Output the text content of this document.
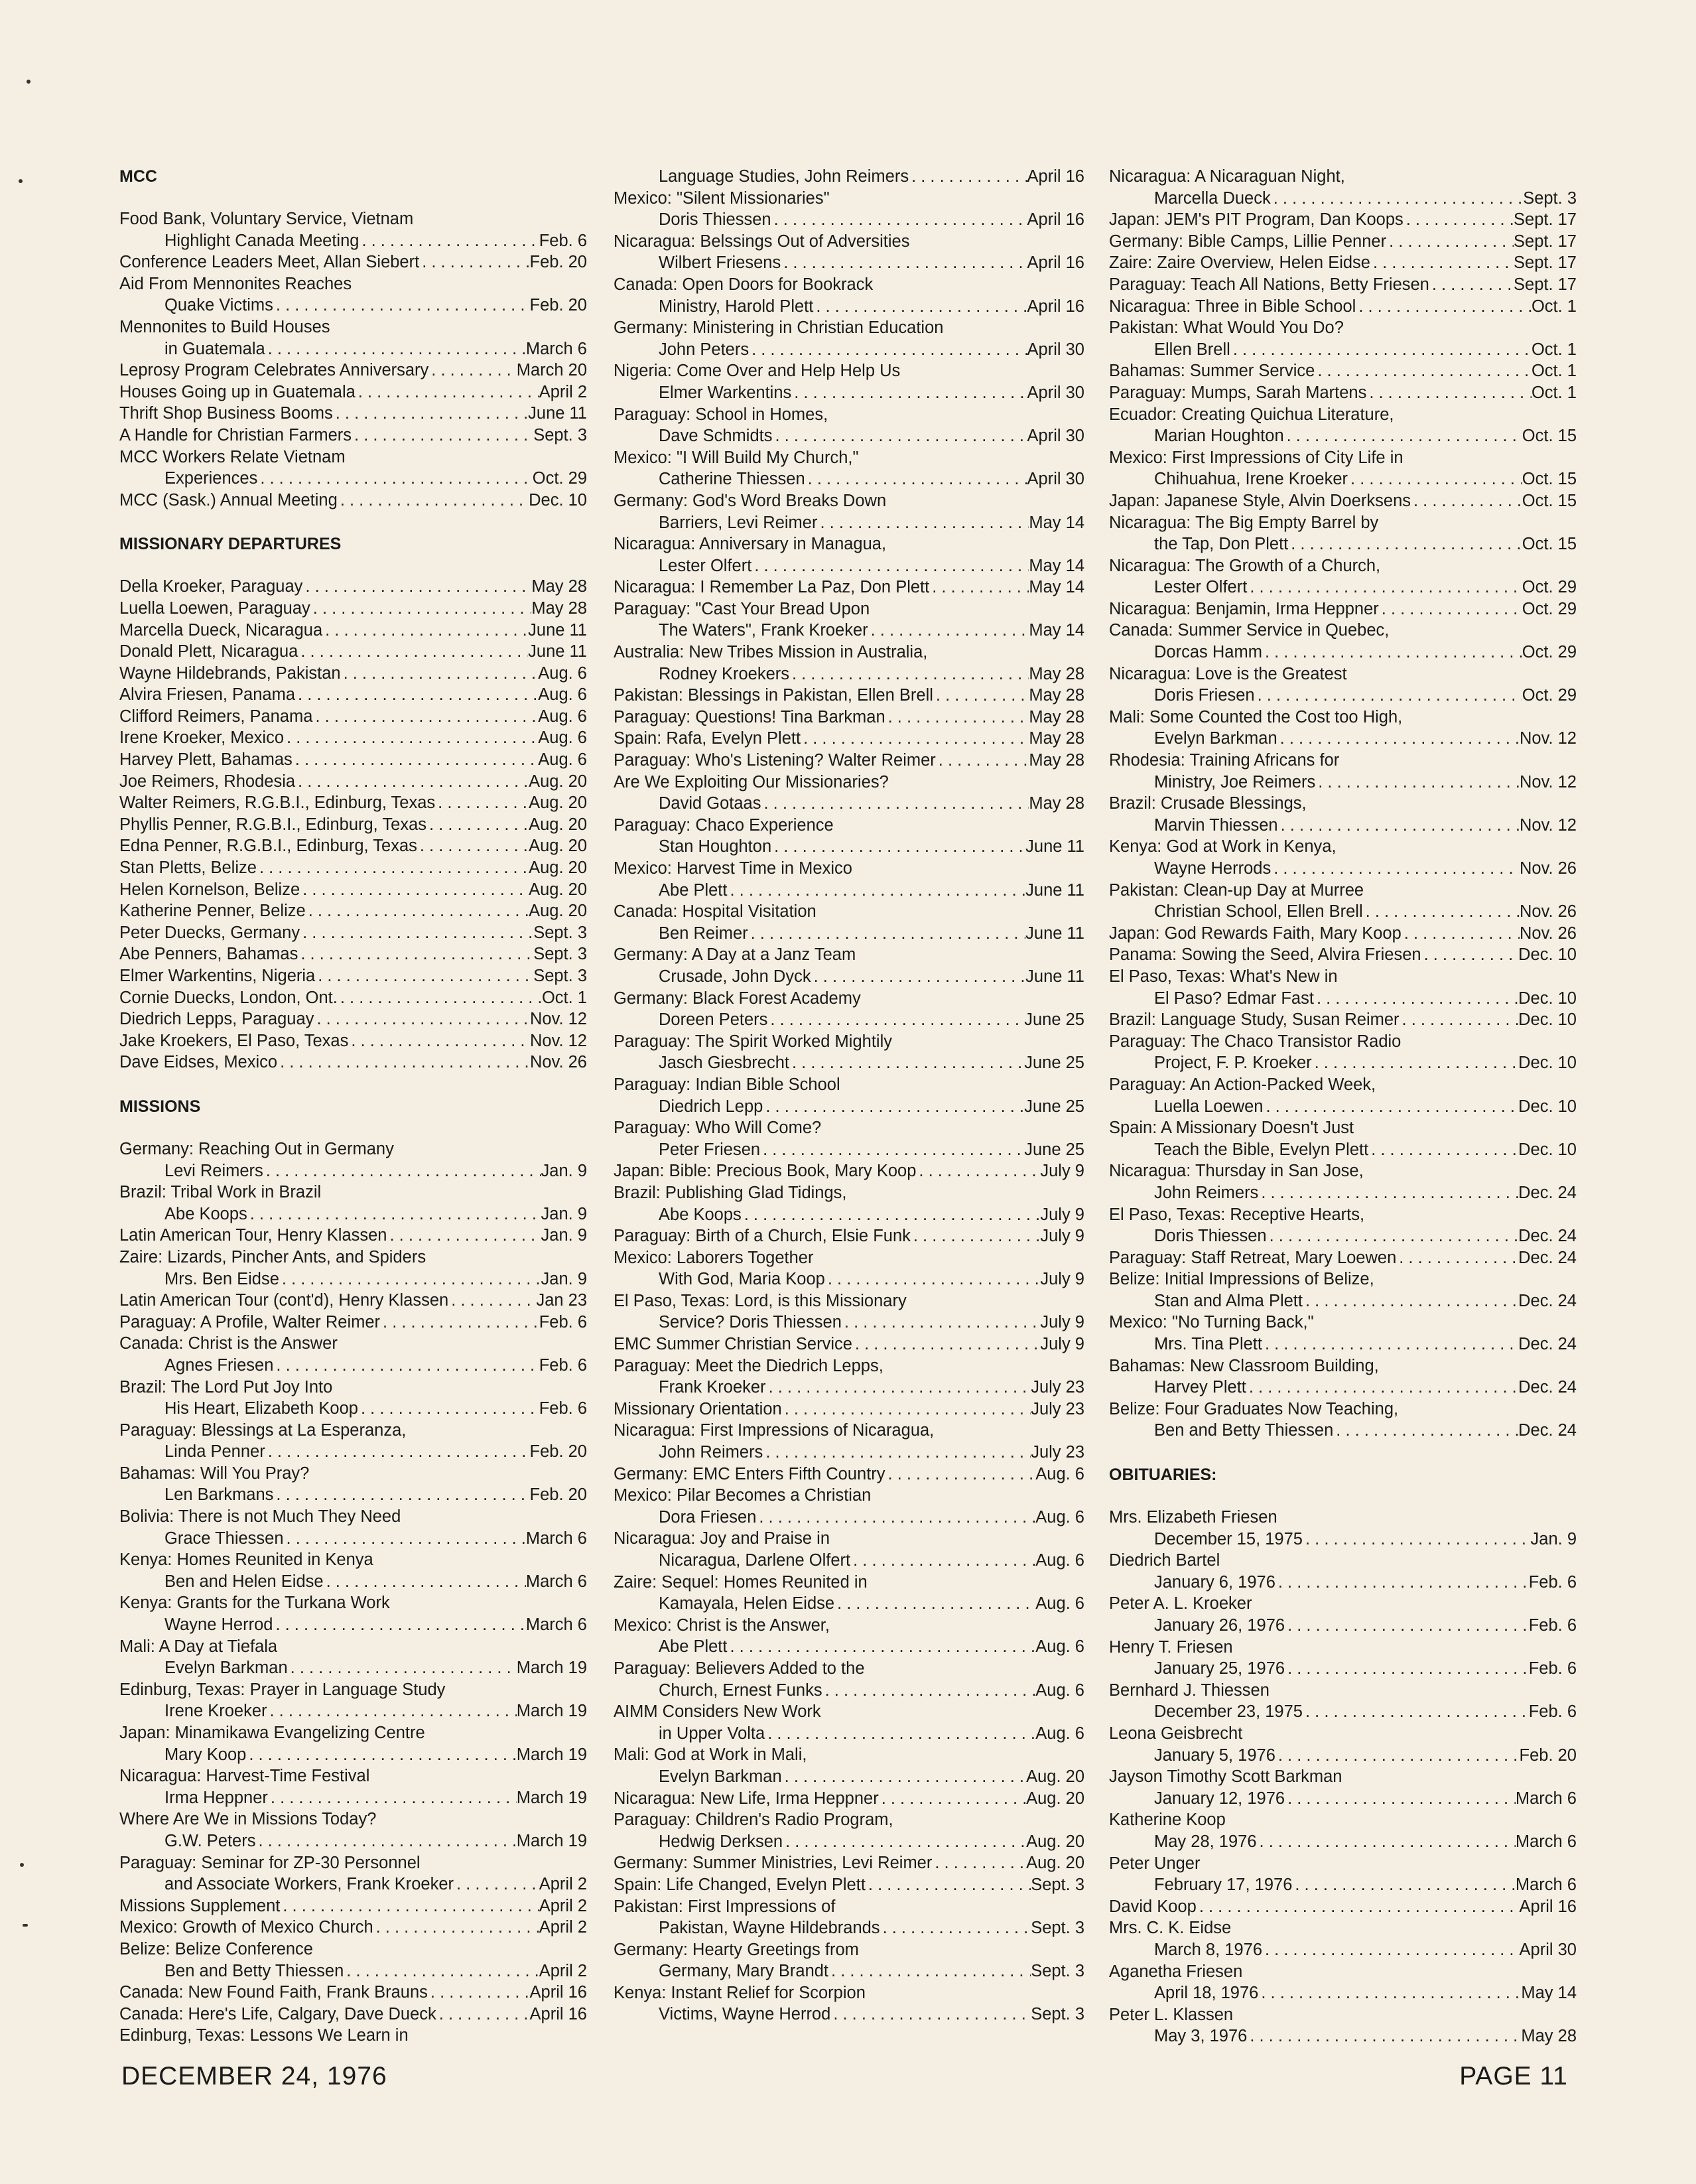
MCC
Food Bank, Voluntary Service, Vietnam
Highlight Canada Meeting . . .	Feb. 6
Conference Leaders Meet, Allan Siebert . . .	Feb. 20
Aid From Mennonites Reaches
Quake Victims . . .	Feb. 20
Mennonites to Build Houses
in Guatemala . . .	March 6
Leprosy Program Celebrates Anniversary . . .	March 20
Houses Going up in Guatemala . . .	April 2
Thrift Shop Business Booms . . .	June 11
A Handle for Christian Farmers . . .	Sept. 3
MCC Workers Relate Vietnam
Experiences . . .	Oct. 29
MCC (Sask.) Annual Meeting . . .	Dec. 10
MISSIONARY DEPARTURES
Della Kroeker, Paraguay . . .	May 28
Luella Loewen, Paraguay . . .	May 28
Marcella Dueck, Nicaragua . . .	June 11
Donald Plett, Nicaragua . . .	June 11
Wayne Hildebrands, Pakistan . . .	Aug. 6
Alvira Friesen, Panama . . .	Aug. 6
Clifford Reimers, Panama . . .	Aug. 6
Irene Kroeker, Mexico . . .	Aug. 6
Harvey Plett, Bahamas . . .	Aug. 6
Joe Reimers, Rhodesia . . .	Aug. 20
Walter Reimers, R.G.B.I., Edinburg, Texas . . .	Aug. 20
Phyllis Penner, R.G.B.I., Edinburg, Texas . . .	Aug. 20
Edna Penner, R.G.B.I., Edinburg, Texas . . .	Aug. 20
Stan Pletts, Belize . . .	Aug. 20
Helen Kornelson, Belize . . .	Aug. 20
Katherine Penner, Belize . . .	Aug. 20
Peter Duecks, Germany . . .	Sept. 3
Abe Penners, Bahamas . . .	Sept. 3
Elmer Warkentins, Nigeria . . .	Sept. 3
Cornie Duecks, London, Ont. . . .	Oct. 1
Diedrich Lepps, Paraguay . . .	Nov. 12
Jake Kroekers, El Paso, Texas . . .	Nov. 12
Dave Eidses, Mexico . . .	Nov. 26
MISSIONS
Germany: Reaching Out in Germany
Levi Reimers . . .	Jan. 9
Brazil: Tribal Work in Brazil
Abe Koops . . .	Jan. 9
Latin American Tour, Henry Klassen . . .	Jan. 9
Zaire: Lizards, Pincher Ants, and Spiders
Mrs. Ben Eidse . . .	Jan. 9
Latin American Tour (cont'd), Henry Klassen . . .	Jan 23
Paraguay: A Profile, Walter Reimer . . .	Feb. 6
Canada: Christ is the Answer
Agnes Friesen . . .	Feb. 6
Brazil: The Lord Put Joy Into
His Heart, Elizabeth Koop . . .	Feb. 6
Paraguay: Blessings at La Esperanza,
Linda Penner . . .	Feb. 20
Bahamas: Will You Pray?
Len Barkmans . . .	Feb. 20
Bolivia: There is not Much They Need
Grace Thiessen . . .	March 6
Kenya: Homes Reunited in Kenya
Ben and Helen Eidse . . .	March 6
Kenya: Grants for the Turkana Work
Wayne Herrod . . .	March 6
Mali: A Day at Tiefala
Evelyn Barkman . . .	March 19
Edinburg, Texas: Prayer in Language Study
Irene Kroeker . . .	March 19
Japan: Minamikawa Evangelizing Centre
Mary Koop . . .	March 19
Nicaragua: Harvest-Time Festival
Irma Heppner . . .	March 19
Where Are We in Missions Today?
G.W. Peters . . .	March 19
Paraguay: Seminar for ZP-30 Personnel
and Associate Workers, Frank Kroeker . . .	April 2
Missions Supplement . . .	April 2
Mexico: Growth of Mexico Church . . .	April 2
Belize: Belize Conference
Ben and Betty Thiessen . . .	April 2
Canada: New Found Faith, Frank Brauns . . .	April 16
Canada: Here's Life, Calgary, Dave Dueck . . .	April 16
Edinburg, Texas: Lessons We Learn in
Language Studies, John Reimers . . .	April 16
Mexico: "Silent Missionaries"
Doris Thiessen . . .	April 16
Nicaragua: Belssings Out of Adversities
Wilbert Friesens . . .	April 16
Canada: Open Doors for Bookrack
Ministry, Harold Plett . . .	April 16
Germany: Ministering in Christian Education
John Peters . . .	April 30
Nigeria: Come Over and Help Help Us
Elmer Warkentins . . .	April 30
Paraguay: School in Homes,
Dave Schmidts . . .	April 30
Mexico: "I Will Build My Church,"
Catherine Thiessen . . .	April 30
Germany: God's Word Breaks Down
Barriers, Levi Reimer . . .	May 14
Nicaragua: Anniversary in Managua,
Lester Olfert . . .	May 14
Nicaragua: I Remember La Paz, Don Plett . . .	May 14
Paraguay: "Cast Your Bread Upon
The Waters", Frank Kroeker . . .	May 14
Australia: New Tribes Mission in Australia,
Rodney Kroekers . . .	May 28
Pakistan: Blessings in Pakistan, Ellen Brell . . .	May 28
Paraguay: Questions! Tina Barkman . . .	May 28
Spain: Rafa, Evelyn Plett . . .	May 28
Paraguay: Who's Listening? Walter Reimer . . .	May 28
Are We Exploiting Our Missionaries?
David Gotaas . . .	May 28
Paraguay: Chaco Experience
Stan Houghton . . .	June 11
Mexico: Harvest Time in Mexico
Abe Plett . . .	June 11
Canada: Hospital Visitation
Ben Reimer . . .	June 11
Germany: A Day at a Janz Team
Crusade, John Dyck . . .	June 11
Germany: Black Forest Academy
Doreen Peters . . .	June 25
Paraguay: The Spirit Worked Mightily
Jasch Giesbrecht . . .	June 25
Paraguay: Indian Bible School
Diedrich Lepp . . .	June 25
Paraguay: Who Will Come?
Peter Friesen . . .	June 25
Japan: Bible: Precious Book, Mary Koop . . .	July 9
Brazil: Publishing Glad Tidings,
Abe Koops . . .	July 9
Paraguay: Birth of a Church, Elsie Funk . . .	July 9
Mexico: Laborers Together
With God, Maria Koop . . .	July 9
El Paso, Texas: Lord, is this Missionary
Service? Doris Thiessen . . .	July 9
EMC Summer Christian Service . . .	July 9
Paraguay: Meet the Diedrich Lepps,
Frank Kroeker . . .	July 23
Missionary Orientation . . .	July 23
Nicaragua: First Impressions of Nicaragua,
John Reimers . . .	July 23
Germany: EMC Enters Fifth Country . . .	Aug. 6
Mexico: Pilar Becomes a Christian
Dora Friesen . . .	Aug. 6
Nicaragua: Joy and Praise in
Nicaragua, Darlene Olfert . . .	Aug. 6
Zaire: Sequel: Homes Reunited in
Kamayala, Helen Eidse . . .	Aug. 6
Mexico: Christ is the Answer,
Abe Plett . . .	Aug. 6
Paraguay: Believers Added to the
Church, Ernest Funks . . .	Aug. 6
AIMM Considers New Work
in Upper Volta . . .	Aug. 6
Mali: God at Work in Mali,
Evelyn Barkman . . .	Aug. 20
Nicaragua: New Life, Irma Heppner . . .	Aug. 20
Paraguay: Children's Radio Program,
Hedwig Derksen . . .	Aug. 20
Germany: Summer Ministries, Levi Reimer . . .	Aug. 20
Spain: Life Changed, Evelyn Plett . . .	Sept. 3
Pakistan: First Impressions of
Pakistan, Wayne Hildebrands . . .	Sept. 3
Germany: Hearty Greetings from
Germany, Mary Brandt . . .	Sept. 3
Kenya: Instant Relief for Scorpion
Victims, Wayne Herrod . . .	Sept. 3
Nicaragua: A Nicaraguan Night,
Marcella Dueck . . .	Sept. 3
Japan: JEM's PIT Program, Dan Koops . . .	Sept. 17
Germany: Bible Camps, Lillie Penner . . .	Sept. 17
Zaire: Zaire Overview, Helen Eidse . . .	Sept. 17
Paraguay: Teach All Nations, Betty Friesen . . .	Sept. 17
Nicaragua: Three in Bible School . . .	Oct. 1
Pakistan: What Would You Do?
Ellen Brell . . .	Oct. 1
Bahamas: Summer Service . . .	Oct. 1
Paraguay: Mumps, Sarah Martens . . .	Oct. 1
Ecuador: Creating Quichua Literature,
Marian Houghton . . .	Oct. 15
Mexico: First Impressions of City Life in
Chihuahua, Irene Kroeker . . .	Oct. 15
Japan: Japanese Style, Alvin Doerksens . . .	Oct. 15
Nicaragua: The Big Empty Barrel by
the Tap, Don Plett . . .	Oct. 15
Nicaragua: The Growth of a Church,
Lester Olfert . . .	Oct. 29
Nicaragua: Benjamin, Irma Heppner . . .	Oct. 29
Canada: Summer Service in Quebec,
Dorcas Hamm . . .	Oct. 29
Nicaragua: Love is the Greatest
Doris Friesen . . .	Oct. 29
Mali: Some Counted the Cost too High,
Evelyn Barkman . . .	Nov. 12
Rhodesia: Training Africans for
Ministry, Joe Reimers . . .	Nov. 12
Brazil: Crusade Blessings,
Marvin Thiessen . . .	Nov. 12
Kenya: God at Work in Kenya,
Wayne Herrods . . .	Nov. 26
Pakistan: Clean-up Day at Murree
Christian School, Ellen Brell . . .	Nov. 26
Japan: God Rewards Faith, Mary Koop . . .	Nov. 26
Panama: Sowing the Seed, Alvira Friesen . . .	Dec. 10
El Paso, Texas: What's New in
El Paso? Edmar Fast . . .	Dec. 10
Brazil: Language Study, Susan Reimer . . .	Dec. 10
Paraguay: The Chaco Transistor Radio
Project, F. P. Kroeker . . .	Dec. 10
Paraguay: An Action-Packed Week,
Luella Loewen . . .	Dec. 10
Spain: A Missionary Doesn't Just
Teach the Bible, Evelyn Plett . . .	Dec. 10
Nicaragua: Thursday in San Jose,
John Reimers . . .	Dec. 24
El Paso, Texas: Receptive Hearts,
Doris Thiessen . . .	Dec. 24
Paraguay: Staff Retreat, Mary Loewen . . .	Dec. 24
Belize: Initial Impressions of Belize,
Stan and Alma Plett . . .	Dec. 24
Mexico: "No Turning Back,"
Mrs. Tina Plett . . .	Dec. 24
Bahamas: New Classroom Building,
Harvey Plett . . .	Dec. 24
Belize: Four Graduates Now Teaching,
Ben and Betty Thiessen . . .	Dec. 24
OBITUARIES:
Mrs. Elizabeth Friesen
December 15, 1975 . . .	Jan. 9
Diedrich Bartel
January 6, 1976 . . .	Feb. 6
Peter A. L. Kroeker
January 26, 1976 . . .	Feb. 6
Henry T. Friesen
January 25, 1976 . . .	Feb. 6
Bernhard J. Thiessen
December 23, 1975 . . .	Feb. 6
Leona Geisbrecht
January 5, 1976 . . .	Feb. 20
Jayson Timothy Scott Barkman
January 12, 1976 . . .	March 6
Katherine Koop
May 28, 1976 . . .	March 6
Peter Unger
February 17, 1976 . . .	March 6
David Koop . . .	April 16
Mrs. C. K. Eidse
March 8, 1976 . . .	April 30
Aganetha Friesen
April 18, 1976 . . .	May 14
Peter L. Klassen
May 3, 1976 . . .	May 28
DECEMBER 24, 1976	PAGE 11
